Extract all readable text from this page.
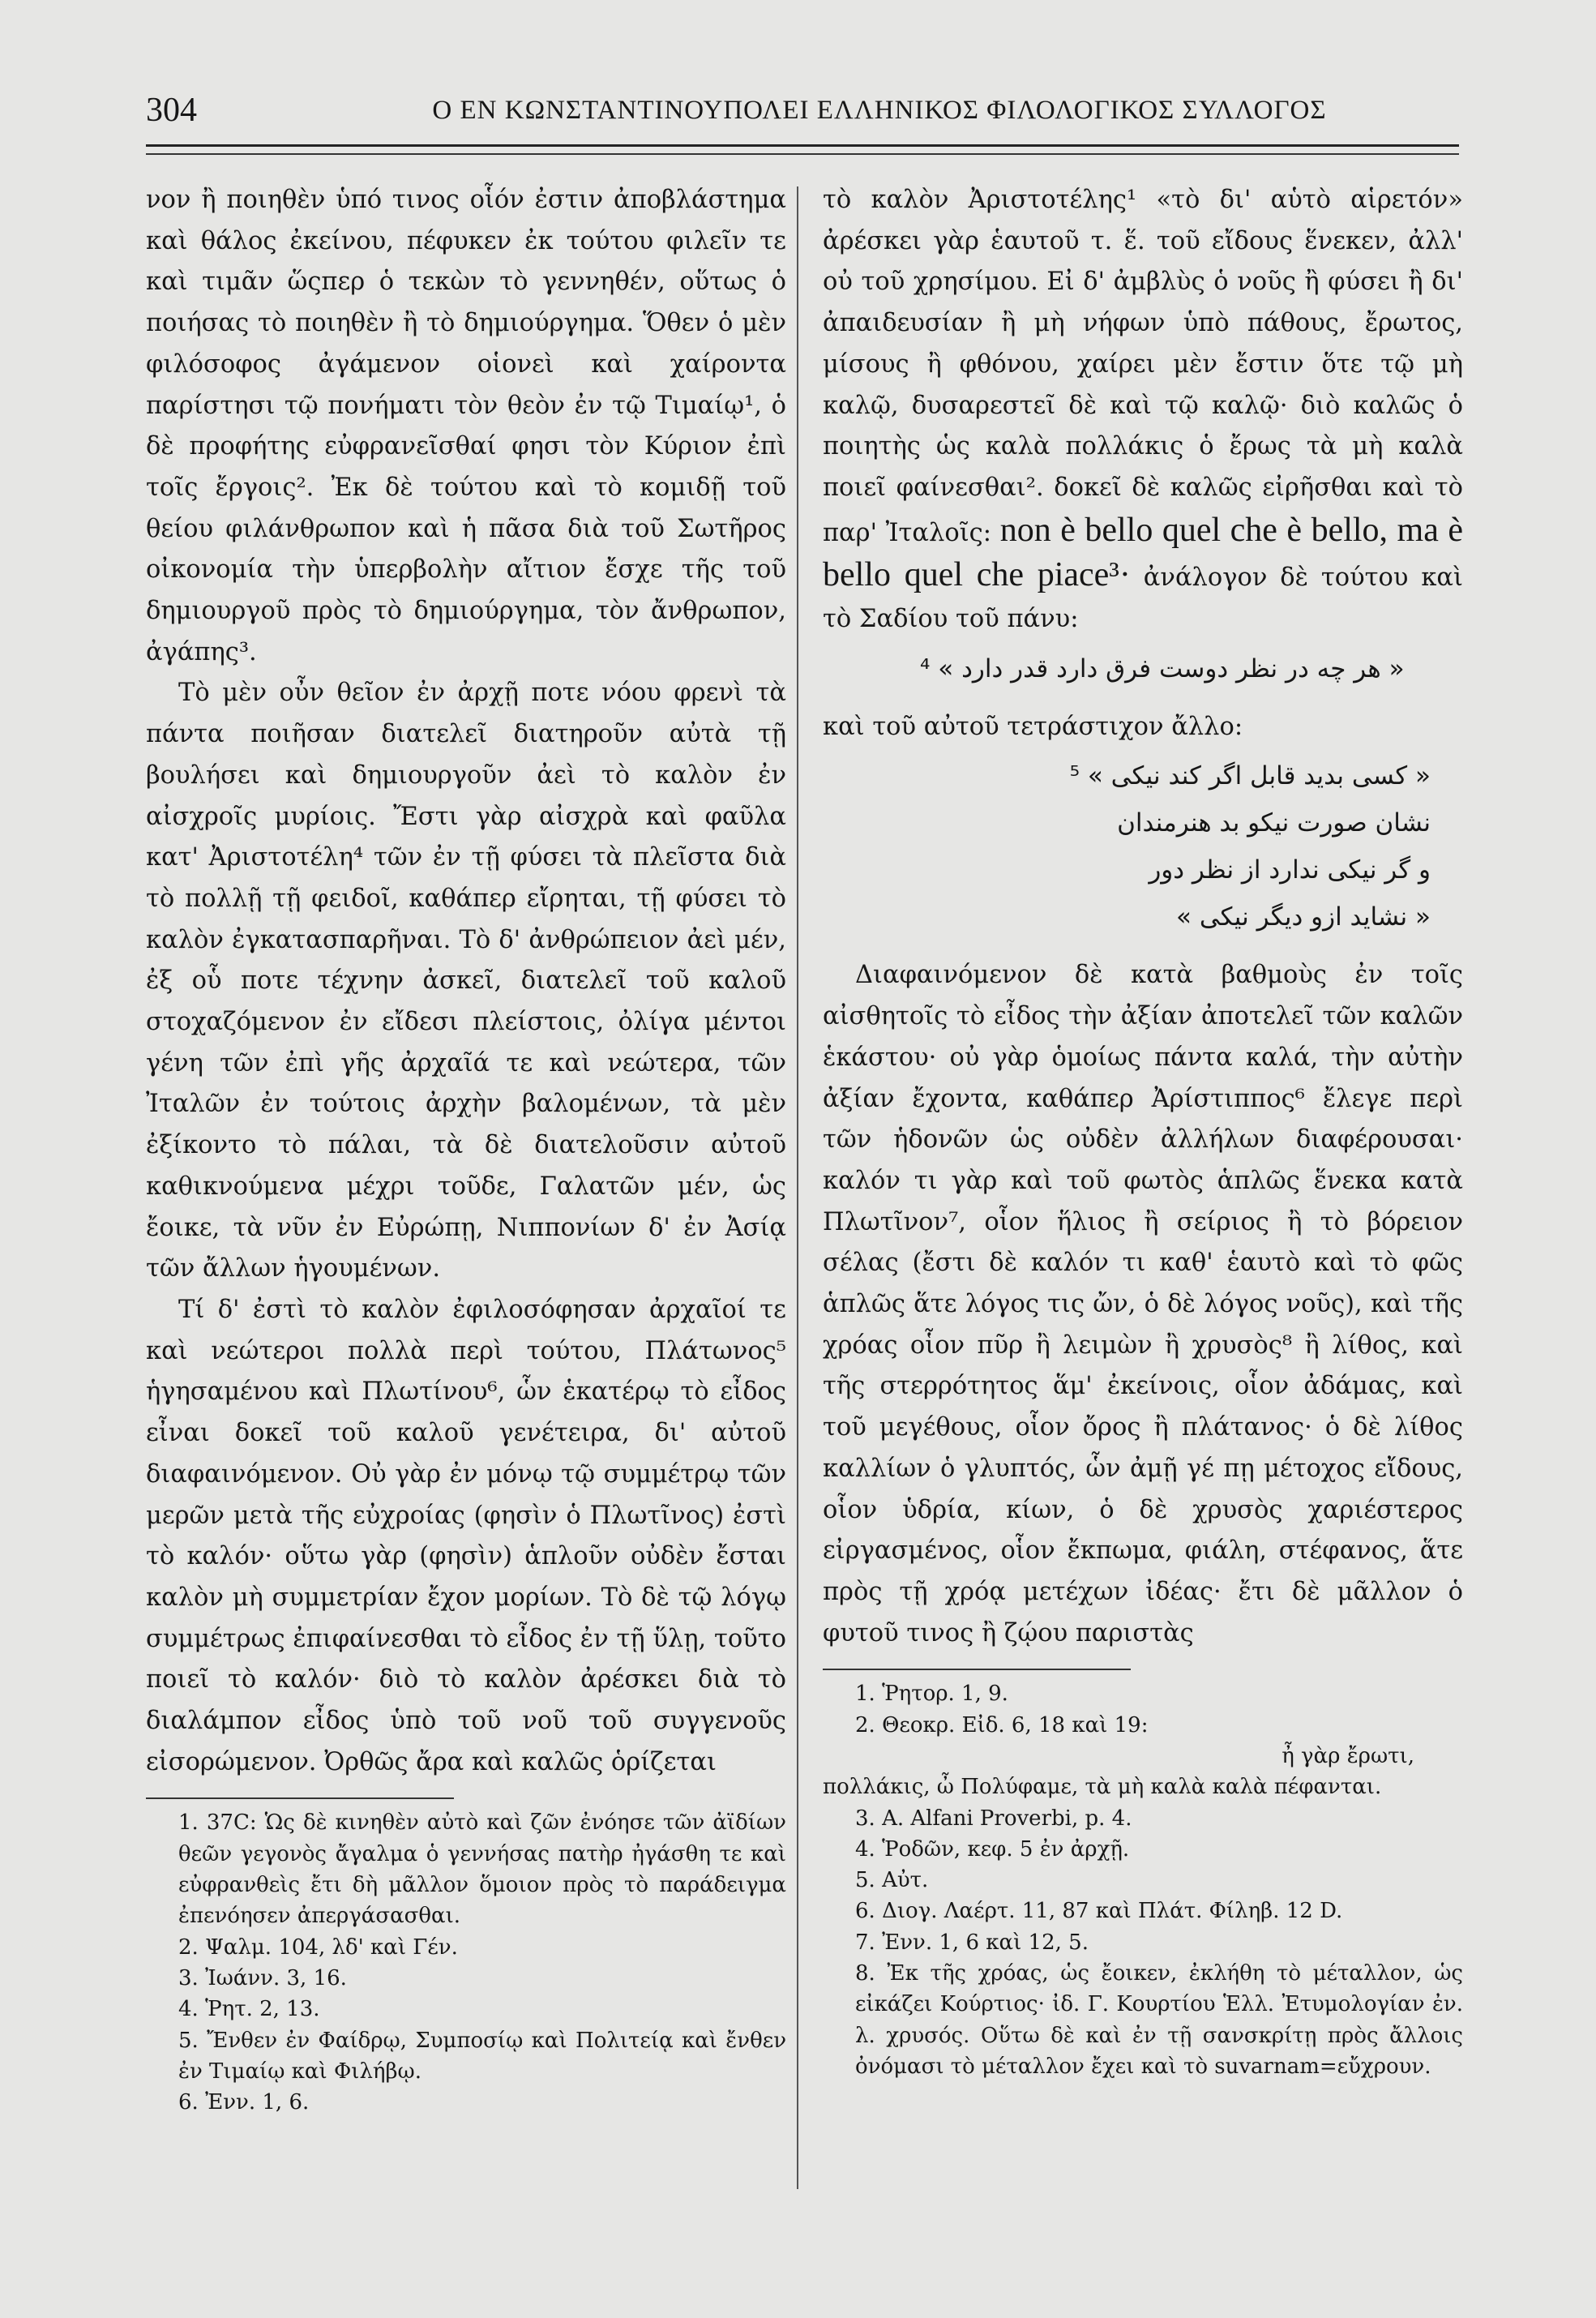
304	Ο ΕΝ ΚΩΝΣΤΑΝΤΙΝΟΥΠΟΛΕΙ ΕΛΛΗΝΙΚΟΣ ΦΙΛΟΛΟΓΙΚΟΣ ΣΥΛΛΟΓΟΣ

νον ἢ ποιηθὲν ὑπό τινος οἷόν ἐστιν ἀποβλάστημα καὶ θάλος ἐκείνου, πέφυκεν ἐκ τούτου φιλεῖν τε καὶ τιμᾶν ὥςπερ ὁ τεκὼν τὸ γεννηθέν, οὕτως ὁ ποιήσας τὸ ποιηθὲν ἢ τὸ δημιούργημα. Ὅθεν ὁ μὲν φιλόσοφος ἀγάμενον οἱονεὶ καὶ χαίροντα παρίστησι τῷ πονήματι τὸν θεὸν ἐν τῷ Τιμαίῳ¹, ὁ δὲ προφήτης εὐφρανεῖσθαί φησι τὸν Κύριον ἐπὶ τοῖς ἔργοις². Ἐκ δὲ τούτου καὶ τὸ κομιδῇ τοῦ θείου φιλάνθρωπον καὶ ἡ πᾶσα διὰ τοῦ Σωτῆρος οἰκονομία τὴν ὑπερβολὴν αἴτιον ἔσχε τῆς τοῦ δημιουργοῦ πρὸς τὸ δημιούργημα, τὸν ἄνθρωπον, ἀγάπης³.

Τὸ μὲν οὖν θεῖον ἐν ἀρχῇ ποτε νόου φρενὶ τὰ πάντα ποιῆσαν διατελεῖ διατηροῦν αὐτὰ τῇ βουλήσει καὶ δημιουργοῦν ἀεὶ τὸ καλὸν ἐν αἰσχροῖς μυρίοις. Ἔστι γὰρ αἰσχρὰ καὶ φαῦλα κατ' Ἀριστοτέλη⁴ τῶν ἐν τῇ φύσει τὰ πλεῖστα διὰ τὸ πολλῇ τῇ φειδοῖ, καθάπερ εἴρηται, τῇ φύσει τὸ καλὸν ἐγκατασπαρῆναι. Τὸ δ' ἀνθρώπειον ἀεὶ μέν, ἐξ οὗ ποτε τέχνην ἀσκεῖ, διατελεῖ τοῦ καλοῦ στοχαζόμενον ἐν εἴδεσι πλείστοις, ὀλίγα μέντοι γένη τῶν ἐπὶ γῆς ἀρχαῖά τε καὶ νεώτερα, τῶν Ἰταλῶν ἐν τούτοις ἀρχὴν βαλομένων, τὰ μὲν ἐξίκοντο τὸ πάλαι, τὰ δὲ διατελοῦσιν αὐτοῦ καθικνούμενα μέχρι τοῦδε, Γαλατῶν μέν, ὡς ἔοικε, τὰ νῦν ἐν Εὐρώπῃ, Νιππονίων δ' ἐν Ἀσίᾳ τῶν ἄλλων ἡγουμένων.

Τί δ' ἐστὶ τὸ καλὸν ἐφιλοσόφησαν ἀρχαῖοί τε καὶ νεώτεροι πολλὰ περὶ τούτου, Πλάτωνος⁵ ἡγησαμένου καὶ Πλωτίνου⁶, ὧν ἑκατέρῳ τὸ εἶδος εἶναι δοκεῖ τοῦ καλοῦ γενέτειρα, δι' αὐτοῦ διαφαινόμενον. Οὐ γὰρ ἐν μόνῳ τῷ συμμέτρῳ τῶν μερῶν μετὰ τῆς εὐχροίας (φησὶν ὁ Πλωτῖνος) ἐστὶ τὸ καλόν· οὕτω γὰρ (φησὶν) ἁπλοῦν οὐδὲν ἔσται καλὸν μὴ συμμετρίαν ἔχον μορίων. Τὸ δὲ τῷ λόγῳ συμμέτρως ἐπιφαίνεσθαι τὸ εἶδος ἐν τῇ ὕλῃ, τοῦτο ποιεῖ τὸ καλόν· διὸ τὸ καλὸν ἀρέσκει διὰ τὸ διαλάμπον εἶδος ὑπὸ τοῦ νοῦ τοῦ συγγενοῦς εἰσορώμενον. Ὀρθῶς ἄρα καὶ καλῶς ὁρίζεται

1. 37C: Ὡς δὲ κινηθὲν αὐτὸ καὶ ζῶν ἐνόησε τῶν ἀϊδίων θεῶν γεγονὸς ἄγαλμα ὁ γεννήσας πατὴρ ἠγάσθη τε καὶ εὐφρανθεὶς ἔτι δὴ μᾶλλον ὅμοιον πρὸς τὸ παράδειγμα ἐπενόησεν ἀπεργάσασθαι.

2. Ψαλμ. 104, λδ' καὶ Γέν.

3. Ἰωάνν. 3, 16.

4. Ῥητ. 2, 13.

5. Ἔνθεν ἐν Φαίδρῳ, Συμποσίῳ καὶ Πολιτείᾳ καὶ ἔνθεν ἐν Τιμαίῳ καὶ Φιλήβῳ.

6. Ἐνν. 1, 6.

τὸ καλὸν Ἀριστοτέλης¹ «τὸ δι' αὑτὸ αἱρετόν» ἀρέσκει γὰρ ἑαυτοῦ τ. ἕ. τοῦ εἴδους ἕνεκεν, ἀλλ' οὐ τοῦ χρησίμου. Εἰ δ' ἀμβλὺς ὁ νοῦς ἢ φύσει ἢ δι' ἀπαιδευσίαν ἢ μὴ νήφων ὑπὸ πάθους, ἔρωτος, μίσους ἢ φθόνου, χαίρει μὲν ἔστιν ὅτε τῷ μὴ καλῷ, δυσαρεστεῖ δὲ καὶ τῷ καλῷ· διὸ καλῶς ὁ ποιητὴς ὡς καλὰ πολλάκις ὁ ἔρως τὰ μὴ καλὰ ποιεῖ φαίνεσθαι². δοκεῖ δὲ καλῶς εἰρῆσθαι καὶ τὸ παρ' Ἰταλοῖς: non è bello quel che è bello, ma è bello quel che piace³· ἀνάλογον δὲ τούτου καὶ τὸ Σαδίου τοῦ πάνυ:

« هر چه در نظر دوست فرق دارد قدر دارد » ⁴

καὶ τοῦ αὐτοῦ τετράστιχον ἄλλο:

« کسی بدید قابل اگر کند نیکی » ⁵
نشان صورت نیکو بد هنرمندان
و گر نیکی ندارد از نظر دور
« نشاید ازو دیگر نیکی »

Διαφαινόμενον δὲ κατὰ βαθμοὺς ἐν τοῖς αἰσθητοῖς τὸ εἶδος τὴν ἀξίαν ἀποτελεῖ τῶν καλῶν ἑκάστου· οὐ γὰρ ὁμοίως πάντα καλά, τὴν αὐτὴν ἀξίαν ἔχοντα, καθάπερ Ἀρίστιππος⁶ ἔλεγε περὶ τῶν ἡδονῶν ὡς οὐδὲν ἀλλήλων διαφέρουσαι· καλόν τι γὰρ καὶ τοῦ φωτὸς ἁπλῶς ἕνεκα κατὰ Πλωτῖνον⁷, οἷον ἥλιος ἢ σείριος ἢ τὸ βόρειον σέλας (ἔστι δὲ καλόν τι καθ' ἑαυτὸ καὶ τὸ φῶς ἁπλῶς ἅτε λόγος τις ὤν, ὁ δὲ λόγος νοῦς), καὶ τῆς χρόας οἷον πῦρ ἢ λειμὼν ἢ χρυσὸς⁸ ἢ λίθος, καὶ τῆς στερρότητος ἅμ' ἐκείνοις, οἷον ἀδάμας, καὶ τοῦ μεγέθους, οἷον ὄρος ἢ πλάτανος· ὁ δὲ λίθος καλλίων ὁ γλυπτός, ὧν ἀμῇ γέ πῃ μέτοχος εἴδους, οἷον ὑδρία, κίων, ὁ δὲ χρυσὸς χαριέστερος εἰργασμένος, οἷον ἔκπωμα, φιάλη, στέφανος, ἅτε πρὸς τῇ χρόᾳ μετέχων ἰδέας· ἔτι δὲ μᾶλλον ὁ φυτοῦ τινος ἢ ζῴου παριστὰς

1. Ῥητορ. 1, 9.

2. Θεοκρ. Εἰδ. 6, 18 καὶ 19:

ἦ γὰρ ἔρωτι,

πολλάκις, ὦ Πολύφαμε, τὰ μὴ καλὰ καλὰ πέφανται.

3. A. Alfani Proverbi, p. 4.

4. Ῥοδῶν, κεφ. 5 ἐν ἀρχῇ.

5. Αὐτ.

6. Διογ. Λαέρτ. 11, 87 καὶ Πλάτ. Φίληβ. 12 D.

7. Ἐνν. 1, 6 καὶ 12, 5.

8. Ἐκ τῆς χρόας, ὡς ἔοικεν, ἐκλήθη τὸ μέταλλον, ὡς εἰκάζει Κούρτιος· ἰδ. Γ. Κουρτίου Ἑλλ. Ἐτυμολογίαν ἐν. λ. χρυσός. Οὕτω δὲ καὶ ἐν τῇ σανσκρίτῃ πρὸς ἄλλοις ὀνόμασι τὸ μέταλλον ἔχει καὶ τὸ suvarnam=εὔχρουν.
